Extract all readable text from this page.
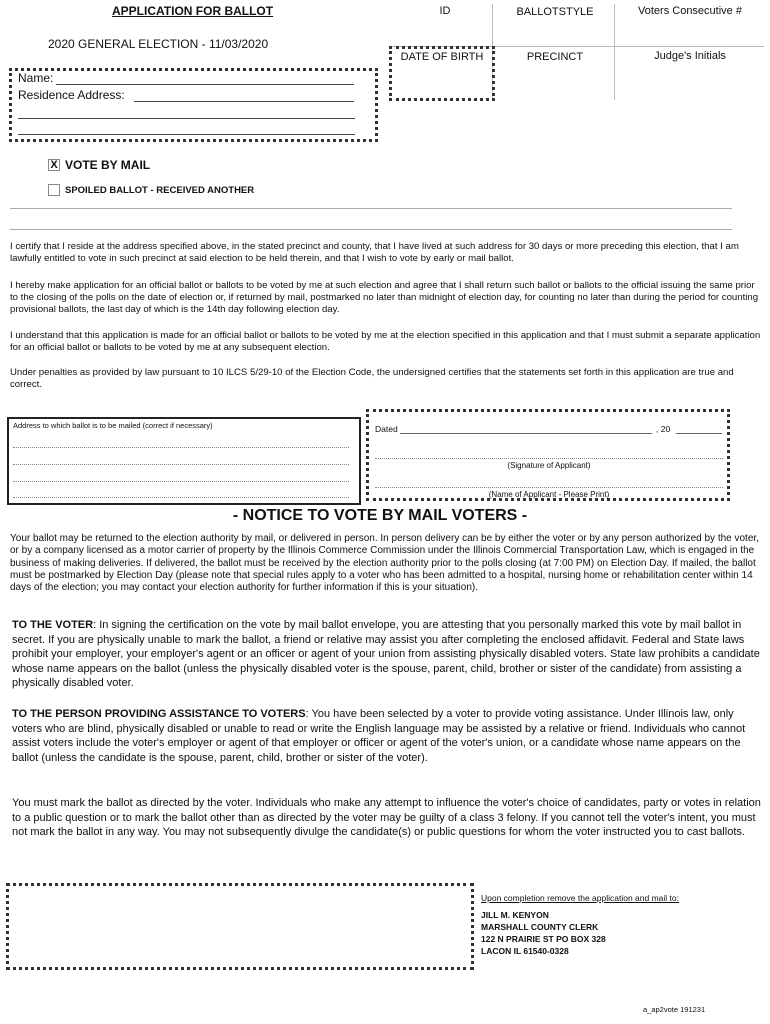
APPLICATION FOR BALLOT
2020 GENERAL ELECTION - 11/03/2020
ID	BALLOTSTYLE	Voters Consecutive #
DATE OF BIRTH	PRECINCT	Judge's Initials
Name:
Residence Address:
X VOTE BY MAIL
SPOILED BALLOT - RECEIVED ANOTHER

I certify that I reside at the address specified above, in the stated precinct and county, that I have lived at such address for 30 days or more preceding this election, that I am lawfully entitled to vote in such precinct at said election to be held therein, and that I wish to vote by early or mail ballot.

I hereby make application for an official ballot or ballots to be voted by me at such election and agree that I shall return such ballot or ballots to the official issuing the same prior to the closing of the polls on the date of election or, if returned by mail, postmarked no later than midnight of election day, for counting no later than during the period for counting provisional ballots, the last day of which is the 14th day following election day.

I understand that this application is made for an official ballot or ballots to be voted by me at the election specified in this application and that I must submit a separate application for an official ballot or ballots to be voted by me at any subsequent election.

Under penalties as provided by law pursuant to 10 ILCS 5/29-10 of the Election Code, the undersigned certifies that the statements set forth in this application are true and correct.

Address to which ballot is to be mailed (correct if necessary)	Dated	, 20
(Signature of Applicant)
(Name of Applicant - Please Print)
- NOTICE TO VOTE BY MAIL VOTERS -

Your ballot may be returned to the election authority by mail, or delivered in person. In person delivery can be by either the voter or by any person authorized by the voter, or by a company licensed as a motor carrier of property by the Illinois Commerce Commission under the Illinois Commercial Transportation Law, which is engaged in the business of making deliveries. If delivered, the ballot must be received by the election authority prior to the polls closing (at 7:00 PM) on Election Day. If mailed, the ballot must be postmarked by Election Day (please note that special rules apply to a voter who has been admitted to a hospital, nursing home or rehabilitation center within 14 days of the election; you may contact your election authority for further information if this is your situation).

TO THE VOTER: In signing the certification on the vote by mail ballot envelope, you are attesting that you personally marked this vote by mail ballot in secret. If you are physically unable to mark the ballot, a friend or relative may assist you after completing the enclosed affidavit. Federal and State laws prohibit your employer, your employer's agent or an officer or agent of your union from assisting physically disabled voters. State law prohibits a candidate whose name appears on the ballot (unless the physically disabled voter is the spouse, parent, child, brother or sister of the candidate) from assisting a physically disabled voter.

TO THE PERSON PROVIDING ASSISTANCE TO VOTERS: You have been selected by a voter to provide voting assistance. Under Illinois law, only voters who are blind, physically disabled or unable to read or write the English language may be assisted by a relative or friend. Individuals who cannot assist voters include the voter's employer or agent of that employer or officer or agent of the voter's union, or a candidate whose name appears on the ballot (unless the candidate is the spouse, parent, child, brother or sister of the voter).

You must mark the ballot as directed by the voter. Individuals who make any attempt to influence the voter's choice of candidates, party or votes in relation to a public question or to mark the ballot other than as directed by the voter may be guilty of a class 3 felony. If you cannot tell the voter's intent, you must not mark the ballot in any way. You may not subsequently divulge the candidate(s) or public questions for whom the voter instructed you to cast ballots.

Upon completion remove the application and mail to:
JILL M. KENYON
MARSHALL COUNTY CLERK
122 N PRAIRIE ST PO BOX 328
LACON IL 61540-0328
a_ap2vote 191231
